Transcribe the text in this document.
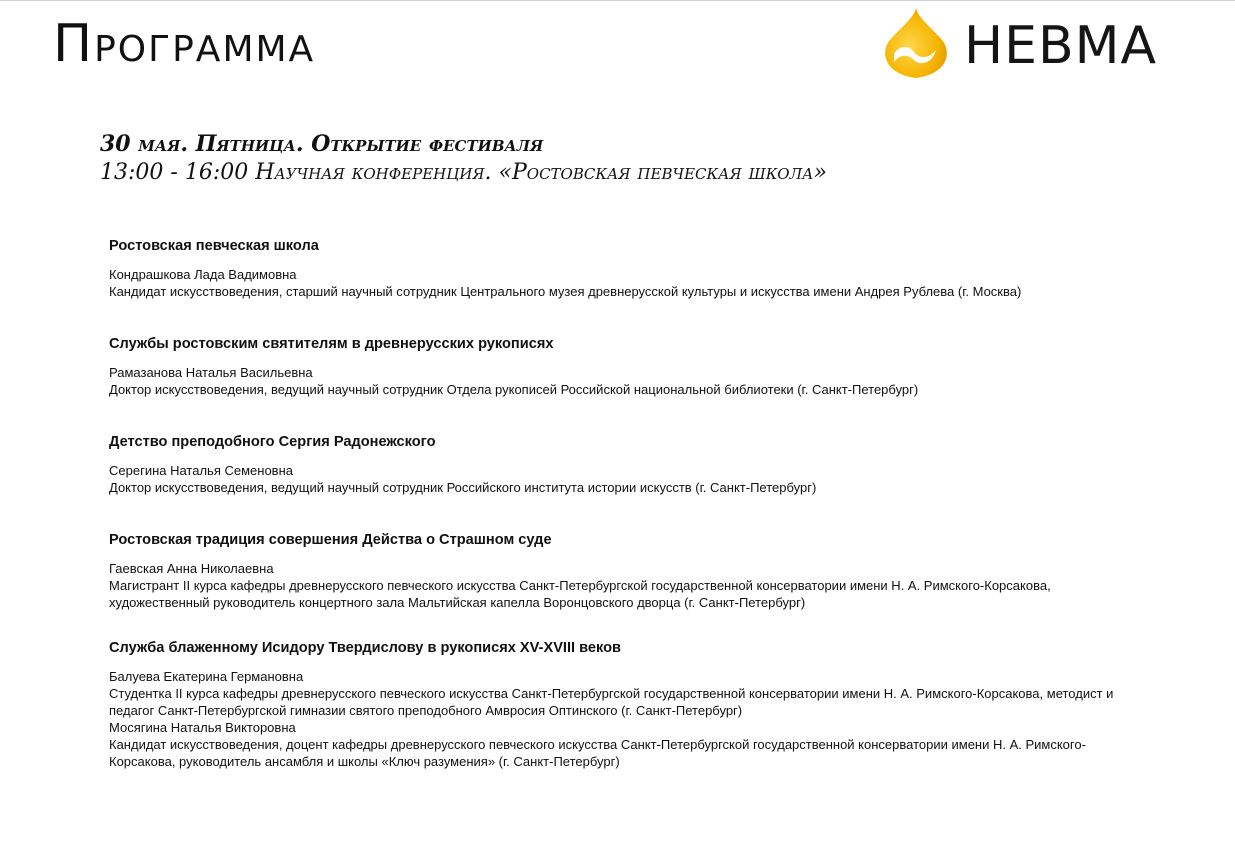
Программа	НЕВМА
30 мая. Пятница. Открытие фестиваля
13:00 - 16:00 Научная конференция. «Ростовская певческая школа»
Ростовская певческая школа
Кондрашкова Лада Вадимовна
Кандидат искусствоведения, старший научный сотрудник Центрального музея древнерусской культуры и искусства имени Андрея Рублева (г. Москва)
Службы ростовским святителям в древнерусских рукописях
Рамазанова Наталья Васильевна
Доктор искусствоведения, ведущий научный сотрудник Отдела рукописей Российской национальной библиотеки (г. Санкт-Петербург)
Детство преподобного Сергия Радонежского
Серегина Наталья Семеновна
Доктор искусствоведения, ведущий научный сотрудник Российского института истории искусств (г. Санкт-Петербург)
Ростовская традиция совершения Действа о Страшном суде
Гаевская Анна Николаевна
Магистрант II курса кафедры древнерусского певческого искусства Санкт-Петербургской государственной консерватории имени Н. А. Римского-Корсакова, художественный руководитель концертного зала Мальтийская капелла Воронцовского дворца (г. Санкт-Петербург)
Служба блаженному Исидору Твердислову в рукописях XV-XVIII веков
Балуева Екатерина Германовна
Студентка II курса кафедры древнерусского певческого искусства Санкт-Петербургской государственной консерватории имени Н. А. Римского-Корсакова, методист и педагог Санкт-Петербургской гимназии святого преподобного Амвросия Оптинского (г. Санкт-Петербург)
Мосягина Наталья Викторовна
Кандидат искусствоведения, доцент кафедры древнерусского певческого искусства Санкт-Петербургской государственной консерватории имени Н. А. Римского-Корсакова, руководитель ансамбля и школы «Ключ разумения» (г. Санкт-Петербург)
